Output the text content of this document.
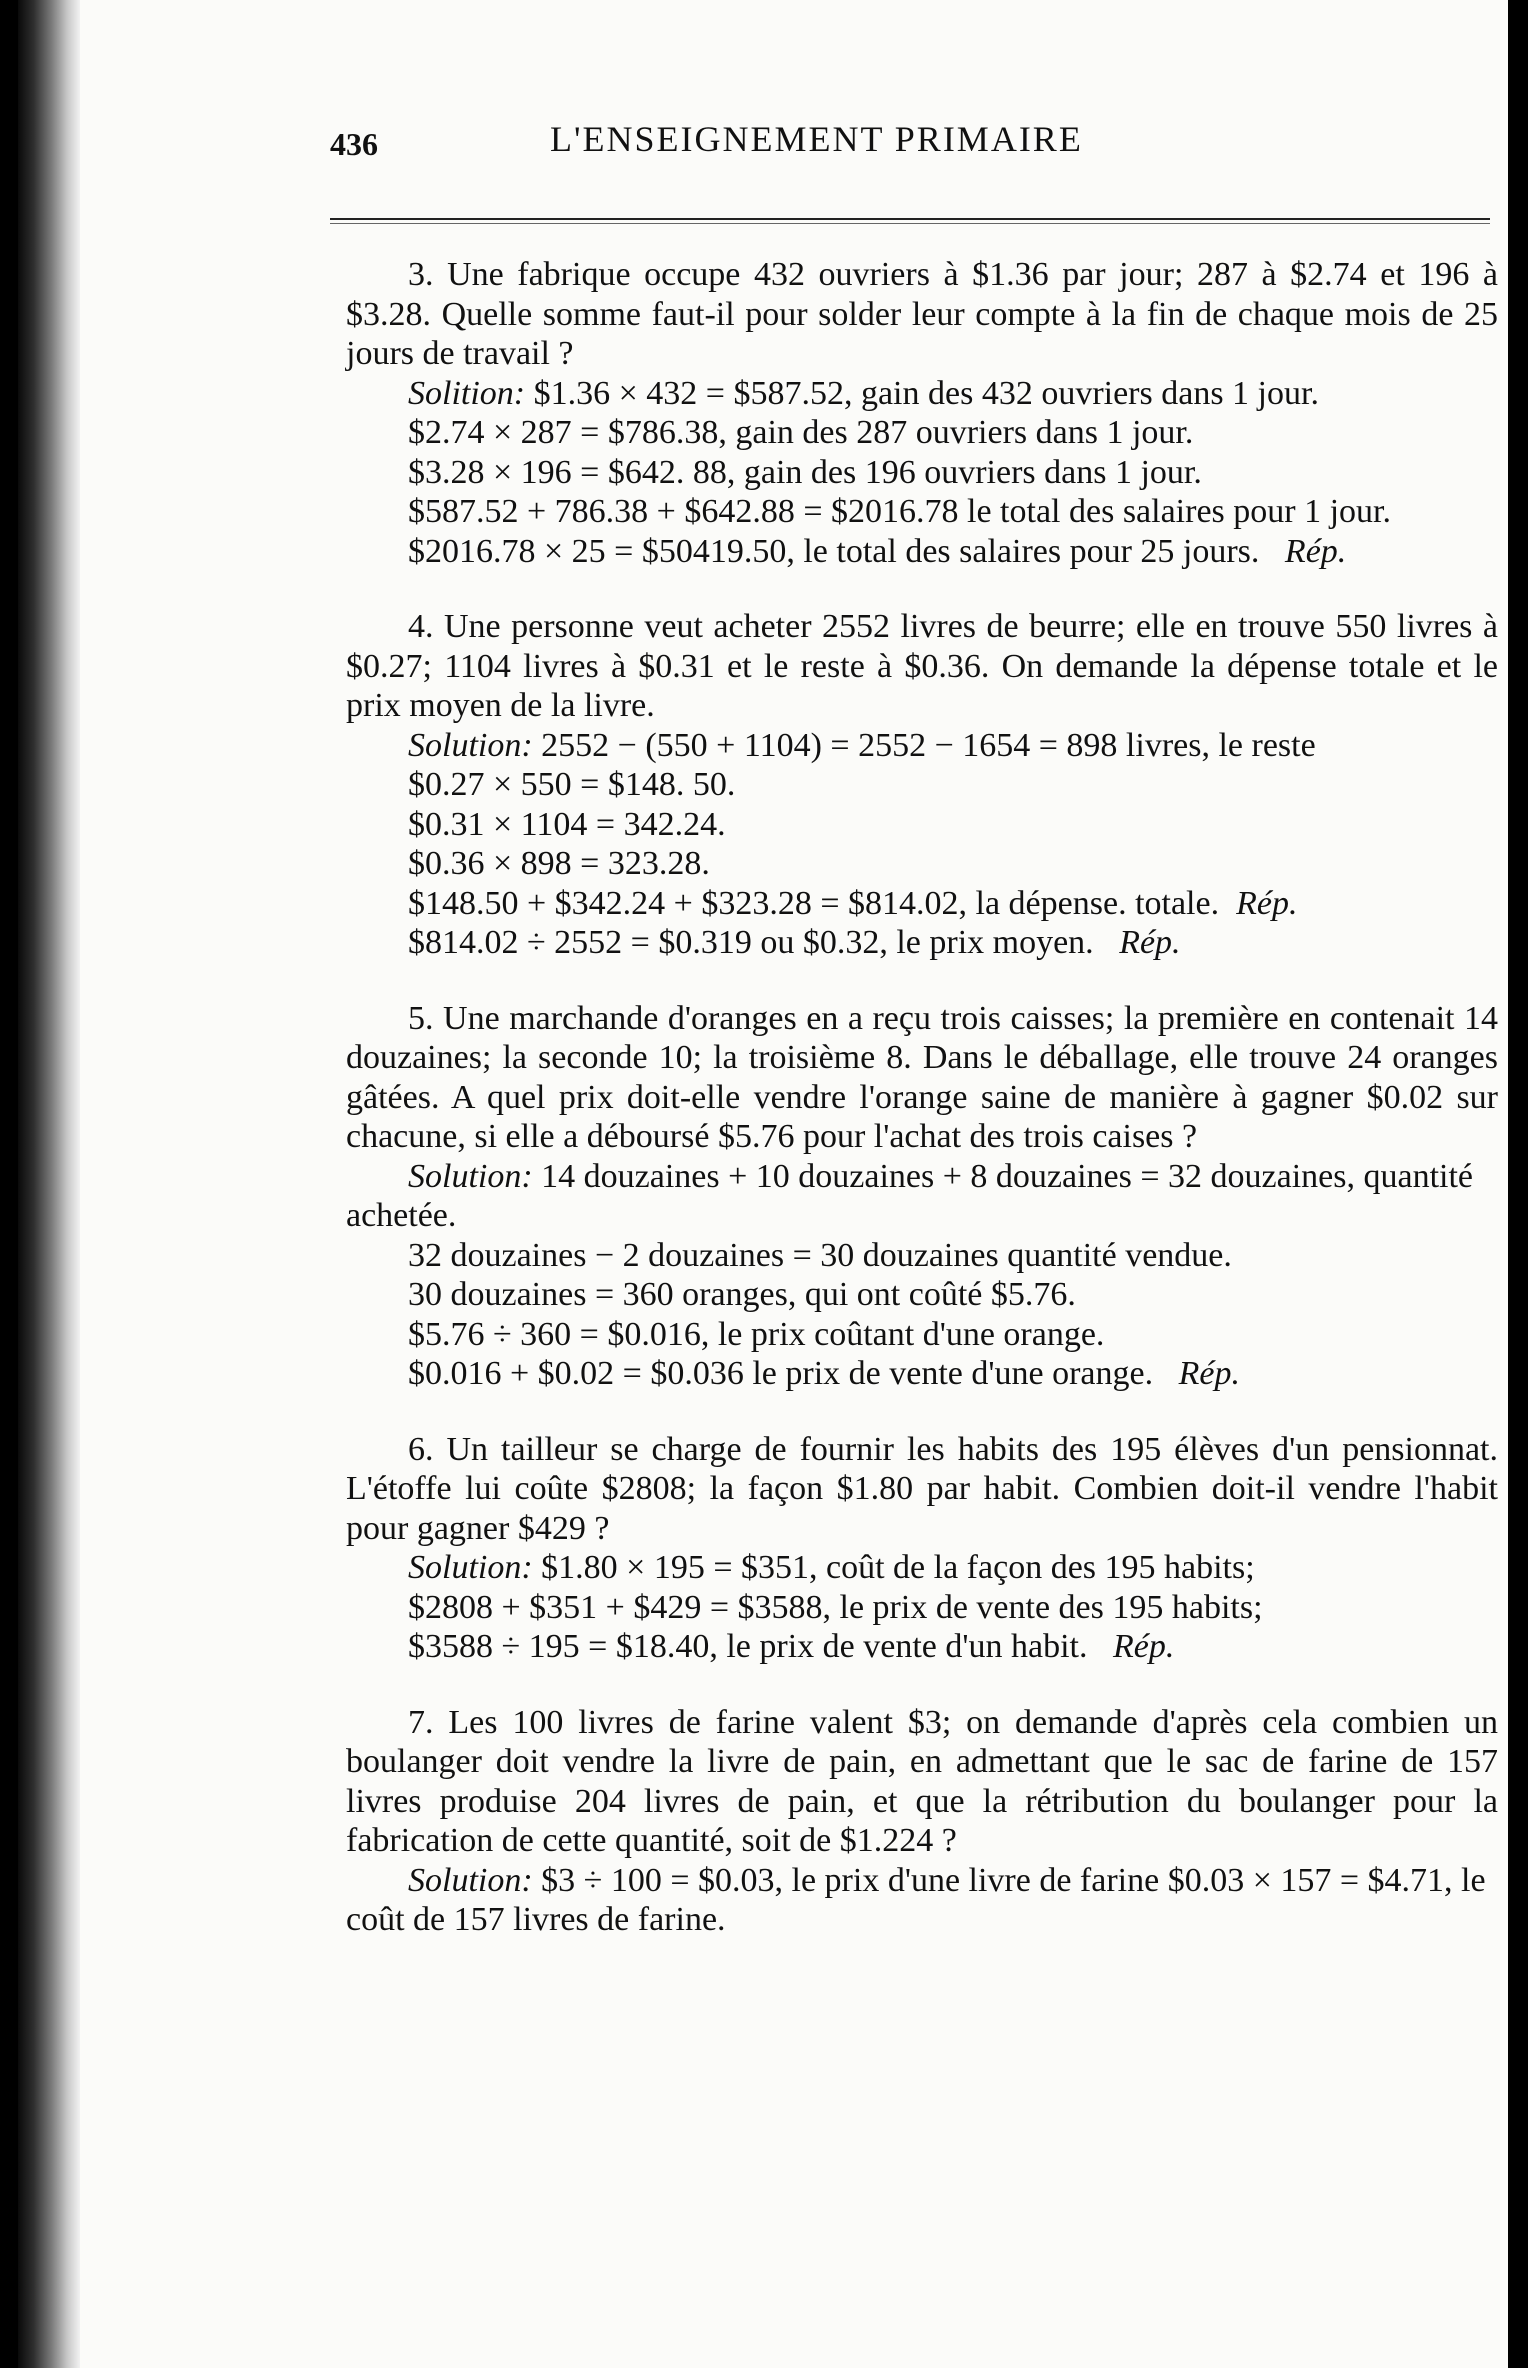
436	L'ENSEIGNEMENT PRIMAIRE

3. Une fabrique occupe 432 ouvriers à $1.36 par jour; 287 à $2.74 et 196 à $3.28. Quelle somme faut-il pour solder leur compte à la fin de chaque mois de 25 jours de travail ?

Solition: $1.36 × 432 = $587.52, gain des 432 ouvriers dans 1 jour.
$2.74 × 287 = $786.38, gain des 287 ouvriers dans 1 jour.
$3.28 × 196 = $642. 88, gain des 196 ouvriers dans 1 jour.
$587.52 + 786.38 + $642.88 = $2016.78 le total des salaires pour 1 jour.
$2016.78 × 25 = $50419.50, le total des salaires pour 25 jours. Rép.

4. Une personne veut acheter 2552 livres de beurre; elle en trouve 550 livres à $0.27; 1104 livres à $0.31 et le reste à $0.36. On demande la dépense totale et le prix moyen de la livre.

Solution: 2552 − (550 + 1104) = 2552 − 1654 = 898 livres, le reste
$0.27 × 550 = $148. 50.
$0.31 × 1104 = 342.24.
$0.36 × 898 = 323.28.
$148.50 + $342.24 + $323.28 = $814.02, la dépense. totale. Rép.
$814.02 ÷ 2552 = $0.319 ou $0.32, le prix moyen. Rép.

5. Une marchande d'oranges en a reçu trois caisses; la première en contenait 14 douzaines; la seconde 10; la troisième 8. Dans le déballage, elle trouve 24 oranges gâtées. A quel prix doit-elle vendre l'orange saine de manière à gagner $0.02 sur chacune, si elle a déboursé $5.76 pour l'achat des trois caises ?

Solution: 14 douzaines + 10 douzaines + 8 douzaines = 32 douzaines, quantité achetée.
32 douzaines − 2 douzaines = 30 douzaines quantité vendue.
30 douzaines = 360 oranges, qui ont coûté $5.76.
$5.76 ÷ 360 = $0.016, le prix coûtant d'une orange.
$0.016 + $0.02 = $0.036 le prix de vente d'une orange. Rép.

6. Un tailleur se charge de fournir les habits des 195 élèves d'un pensionnat. L'étoffe lui coûte $2808; la façon $1.80 par habit. Combien doit-il vendre l'habit pour gagner $429 ?

Solution: $1.80 × 195 = $351, coût de la façon des 195 habits;
$2808 + $351 + $429 = $3588, le prix de vente des 195 habits;
$3588 ÷ 195 = $18.40, le prix de vente d'un habit. Rép.

7. Les 100 livres de farine valent $3; on demande d'après cela combien un boulanger doit vendre la livre de pain, en admettant que le sac de farine de 157 livres produise 204 livres de pain, et que la rétribution du boulanger pour la fabrication de cette quantité, soit de $1.224 ?

Solution: $3 ÷ 100 = $0.03, le prix d'une livre de farine $0.03 × 157 = $4.71, le coût de 157 livres de farine.
